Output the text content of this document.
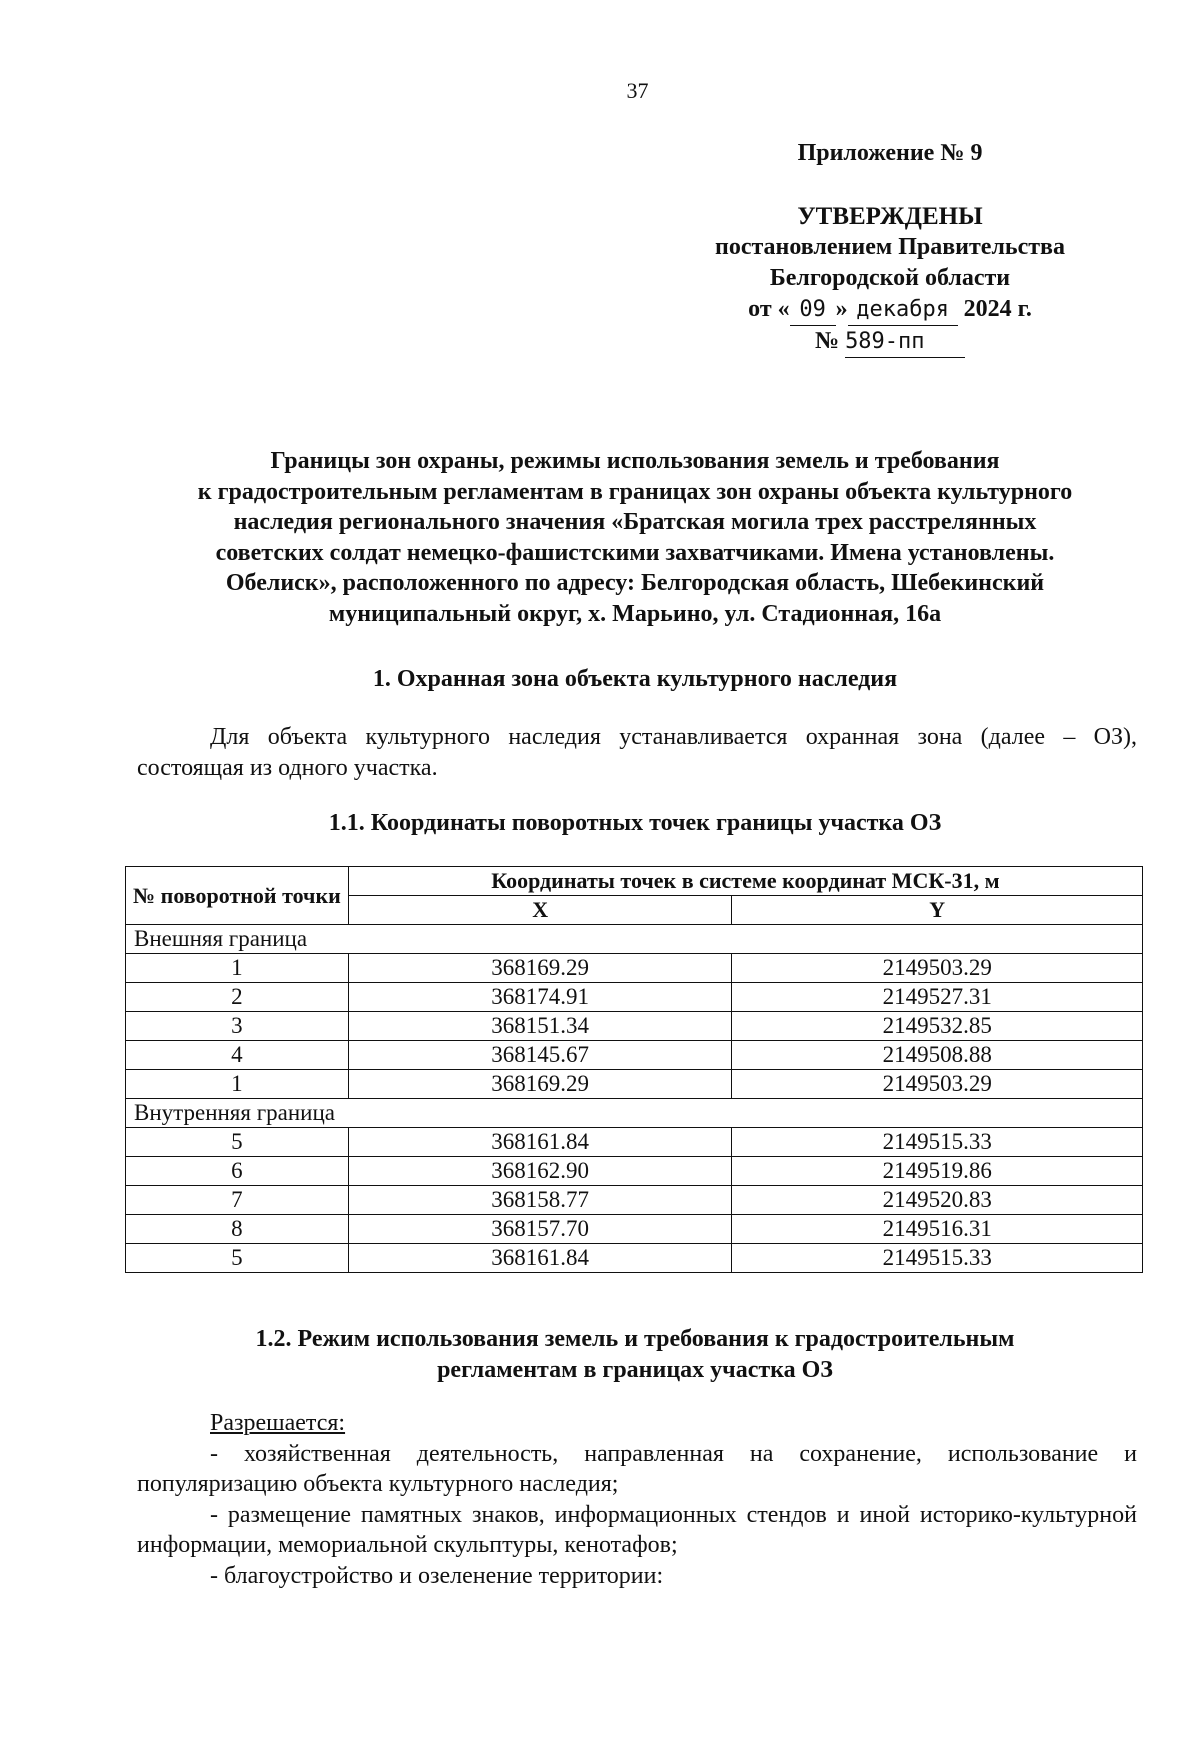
37
Приложение № 9
УТВЕРЖДЕНЫ
постановлением Правительства
Белгородской области
от « 09 » декабря 2024 г.
№ 589-пп
Границы зон охраны, режимы использования земель и требования
к градостроительным регламентам в границах зон охраны объекта культурного
наследия регионального значения «Братская могила трех расстрелянных
советских солдат немецко-фашистскими захватчиками. Имена установлены.
Обелиск», расположенного по адресу: Белгородская область, Шебекинский
муниципальный округ, х. Марьино, ул. Стадионная, 16а
1. Охранная зона объекта культурного наследия
Для объекта культурного наследия устанавливается охранная зона (далее – ОЗ), состоящая из одного участка.
1.1. Координаты поворотных точек границы участка ОЗ
№ поворотной точки	Координаты точек в системе координат МСК-31, м	
	X	Y
Внешняя граница		
1	368169.29	2149503.29
2	368174.91	2149527.31
3	368151.34	2149532.85
4	368145.67	2149508.88
1	368169.29	2149503.29
Внутренняя граница		
5	368161.84	2149515.33
6	368162.90	2149519.86
7	368158.77	2149520.83
8	368157.70	2149516.31
5	368161.84	2149515.33
1.2. Режим использования земель и требования к градостроительным
регламентам в границах участка ОЗ
Разрешается:
- хозяйственная деятельность, направленная на сохранение, использование и популяризацию объекта культурного наследия;
- размещение памятных знаков, информационных стендов и иной историко-культурной информации, мемориальной скульптуры, кенотафов;
- благоустройство и озеленение территории:
